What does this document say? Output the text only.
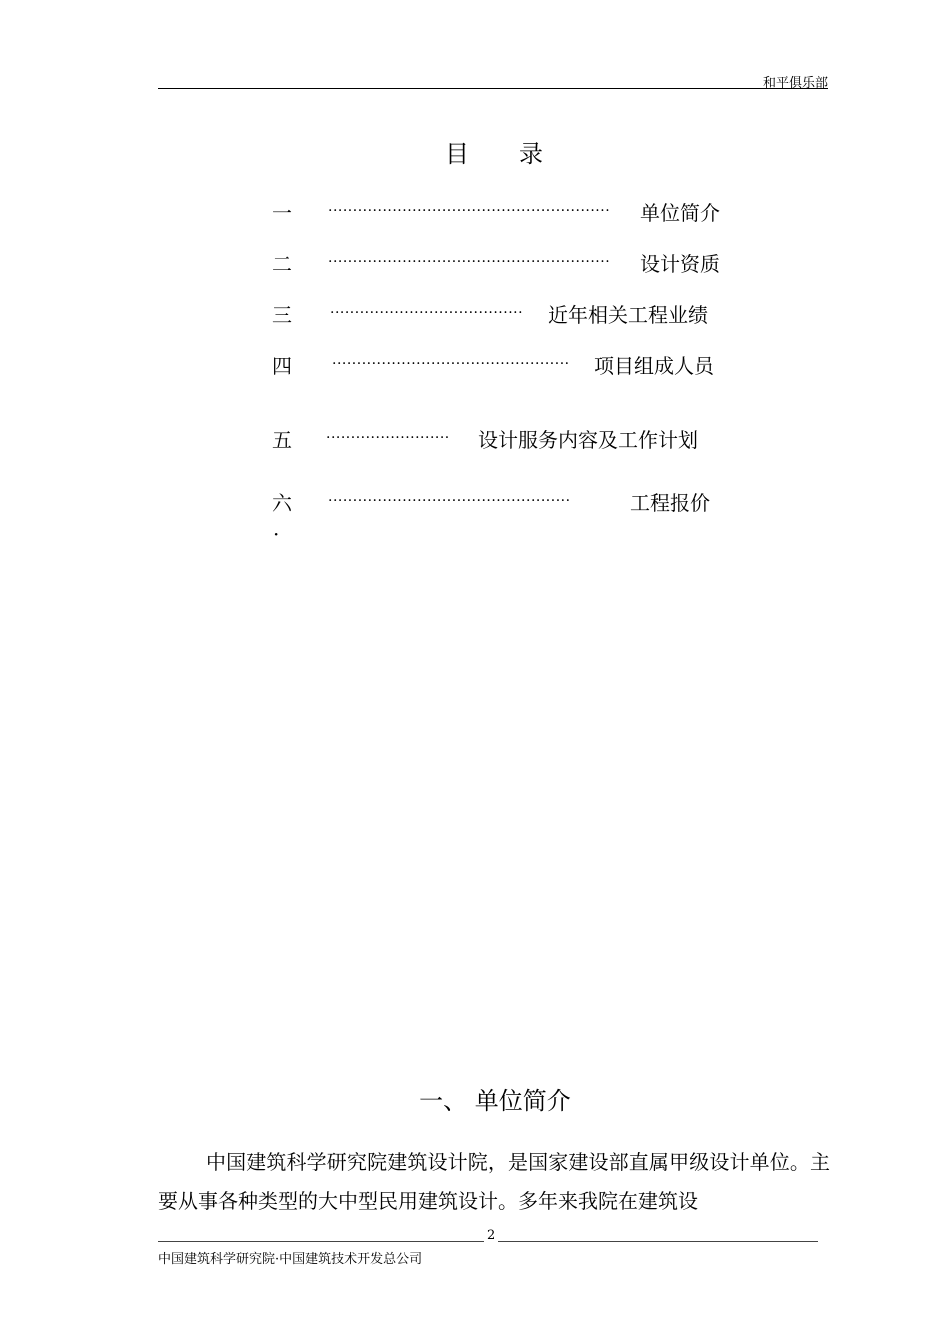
和平俱乐部
目 录
一	························································· 单位简介
二	························································· 设计资质
三	······································· 近年相关工程业绩
四	················································ 项目组成人员
五 ························· 设计服务内容及工作计划
六	·················································	工程报价
·
一、 单位简介
中国建筑科学研究院建筑设计院，是国家建设部直属甲级设计单位。主要从事各种类型的大中型民用建筑设计。多年来我院在建筑设
2
中国建筑科学研究院·中国建筑技术开发总公司
